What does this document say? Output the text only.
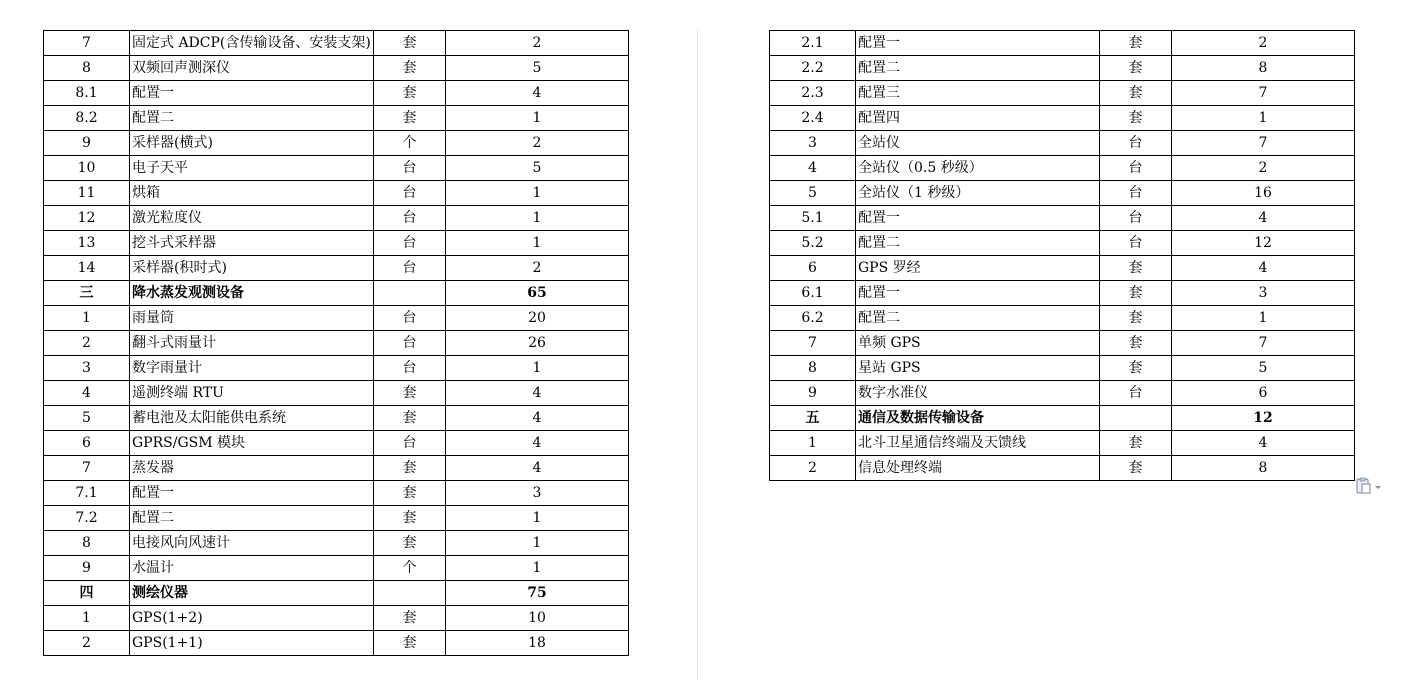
7	固定式 ADCP(含传输设备、安装支架)	套	2
8	双频回声测深仪	套	5
8.1	配置一	套	4
8.2	配置二	套	1
9	采样器(横式)	个	2
10	电子天平	台	5
11	烘箱	台	1
12	激光粒度仪	台	1
13	挖斗式采样器	台	1
14	采样器(积时式)	台	2
三	降水蒸发观测设备		65
1	雨量筒	台	20
2	翻斗式雨量计	台	26
3	数字雨量计	台	1
4	遥测终端 RTU	套	4
5	蓄电池及太阳能供电系统	套	4
6	GPRS/GSM 模块	台	4
7	蒸发器	套	4
7.1	配置一	套	3
7.2	配置二	套	1
8	电接风向风速计	套	1
9	水温计	个	1
四	测绘仪器		75
1	GPS(1+2)	套	10
2	GPS(1+1)	套	18
2.1	配置一	套	2
2.2	配置二	套	8
2.3	配置三	套	7
2.4	配置四	套	1
3	全站仪	台	7
4	全站仪（0.5 秒级）	台	2
5	全站仪（1 秒级）	台	16
5.1	配置一	台	4
5.2	配置二	台	12
6	GPS 罗经	套	4
6.1	配置一	套	3
6.2	配置二	套	1
7	单频 GPS	套	7
8	星站 GPS	套	5
9	数字水准仪	台	6
五	通信及数据传输设备		12
1	北斗卫星通信终端及天馈线	套	4
2	信息处理终端	套	8
